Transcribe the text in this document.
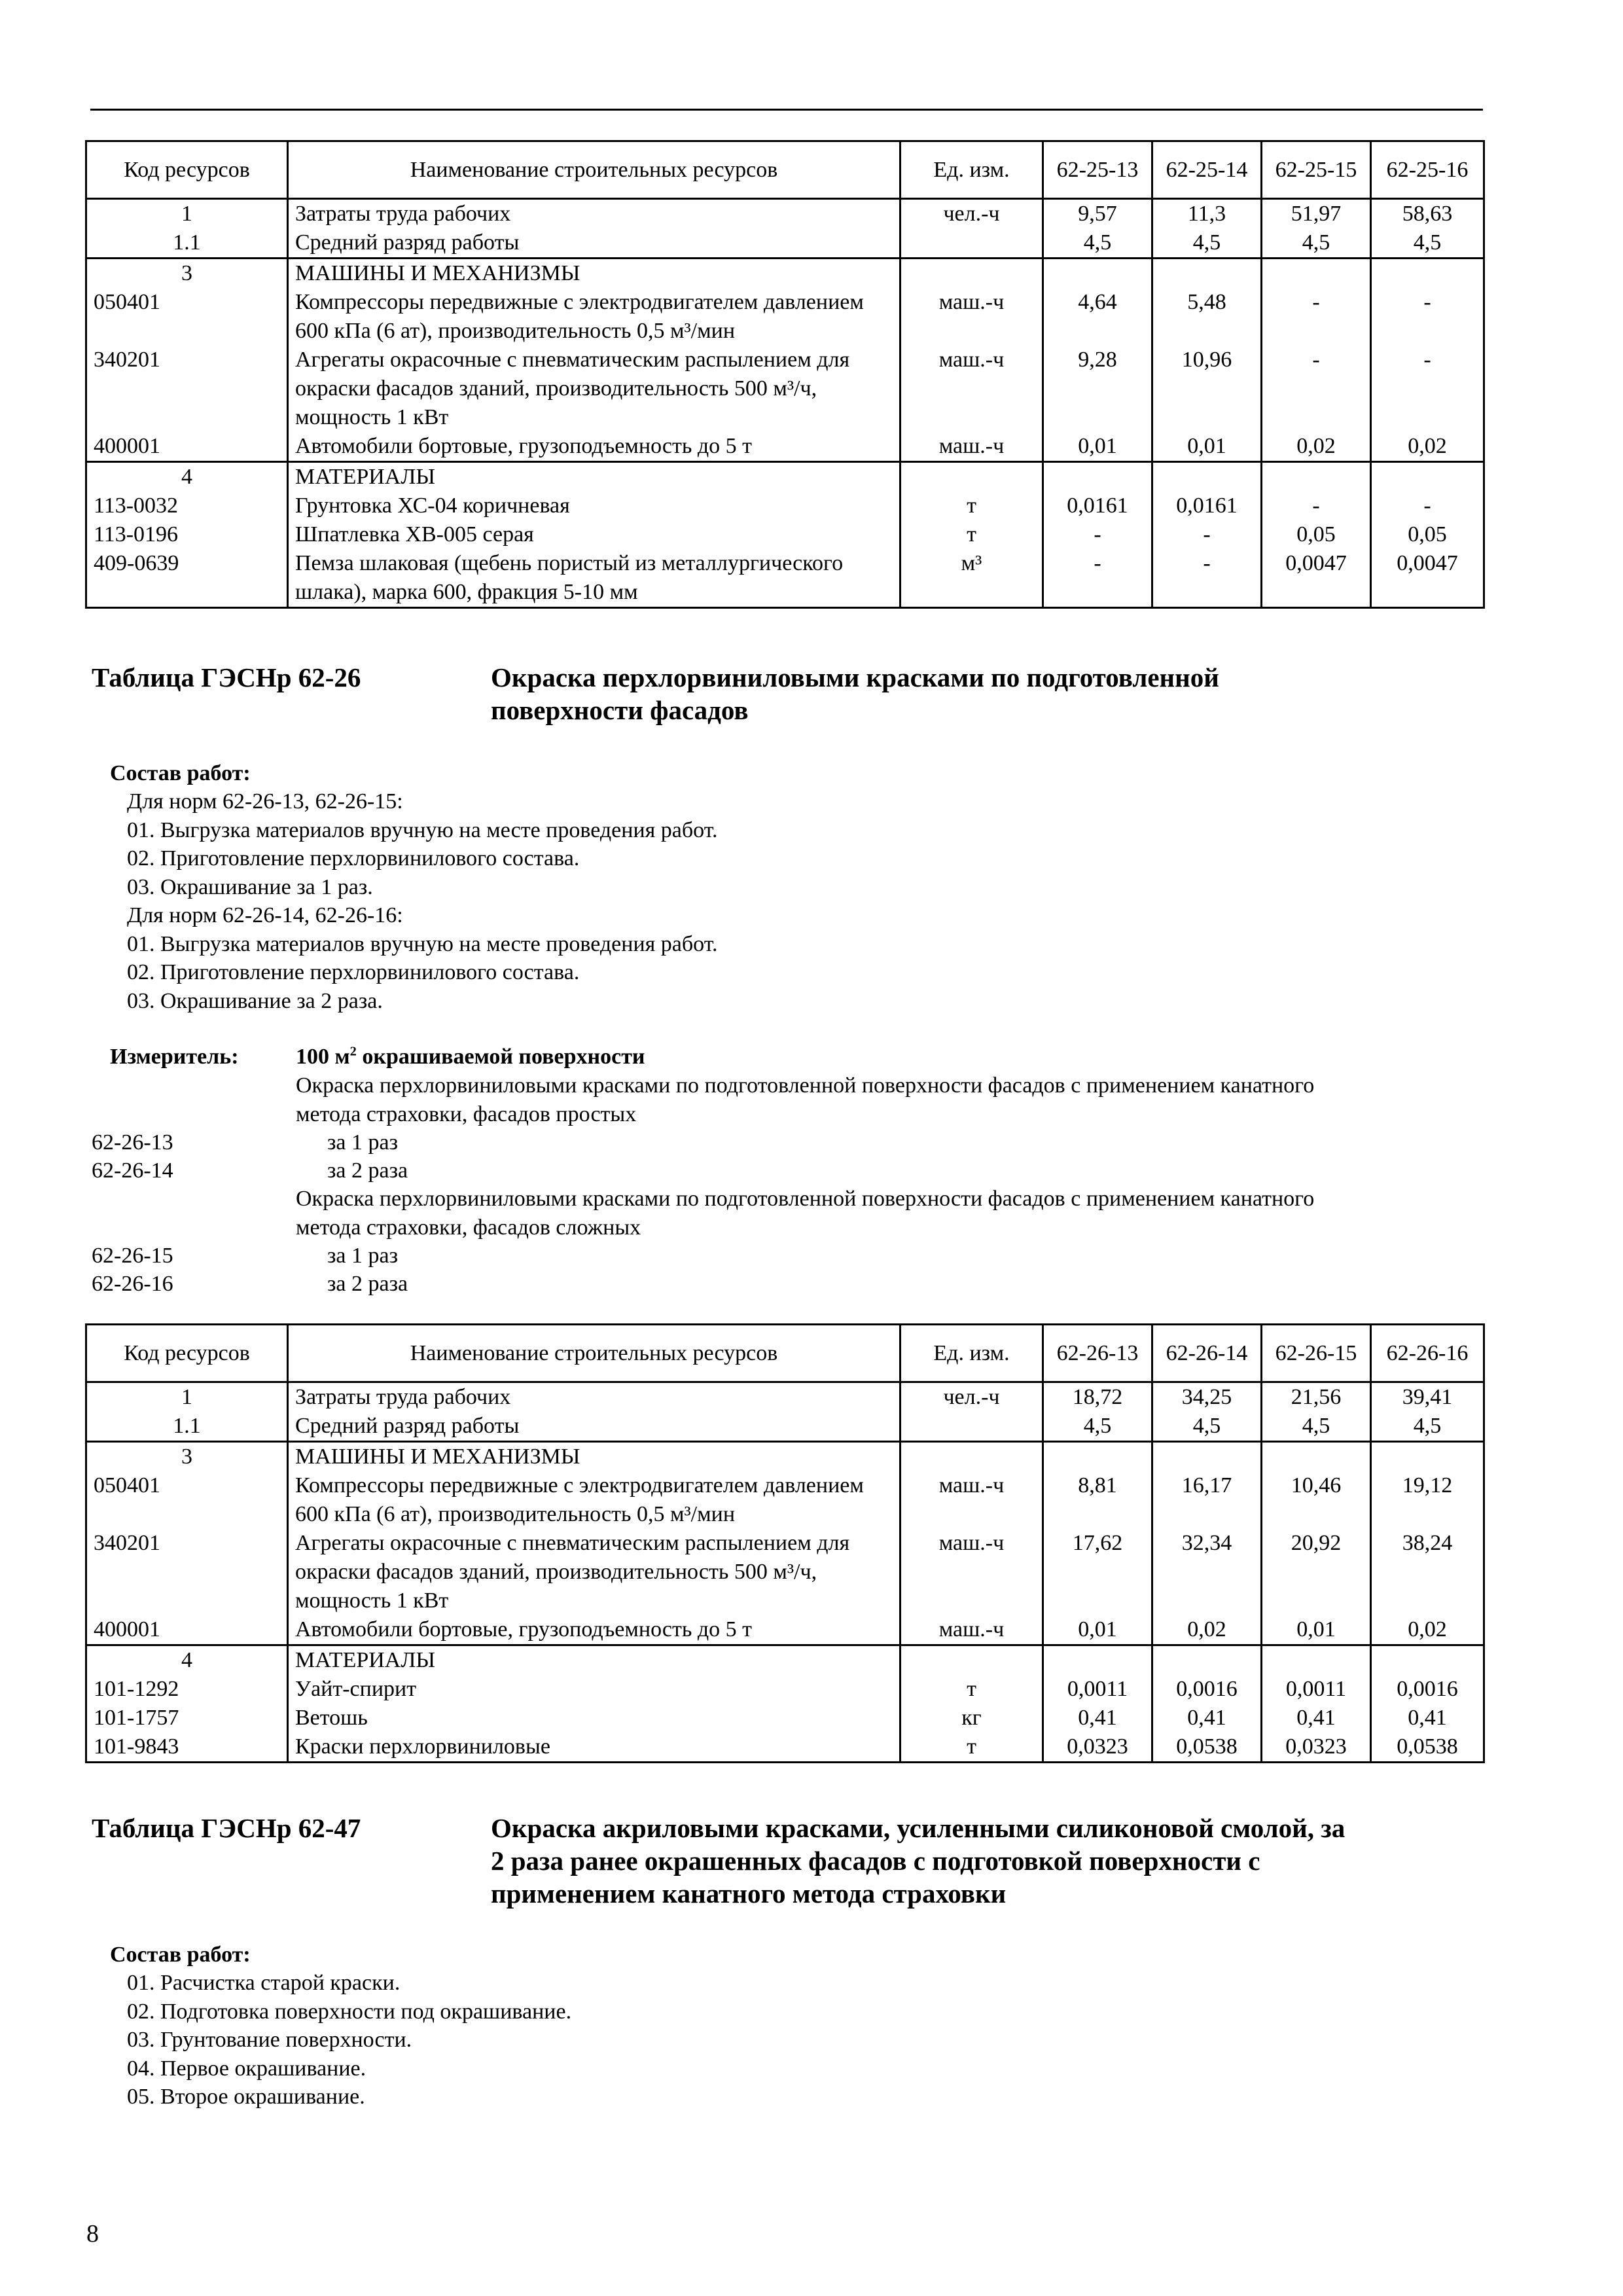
Код ресурсов	Наименование строительных ресурсов	Ед. изм.	62-25-13	62-25-14	62-25-15	62-25-16
1	Затраты труда рабочих	чел.-ч	9,57	11,3	51,97	58,63
1.1	Средний разряд работы		4,5	4,5	4,5	4,5
3	МАШИНЫ И МЕХАНИЗМЫ					
050401	Компрессоры передвижные с электродвигателем давлением 600 кПа (6 ат), производительность 0,5 м³/мин	маш.-ч	4,64	5,48	-	-
340201	Агрегаты окрасочные с пневматическим распылением для окраски фасадов зданий, производительность 500 м³/ч, мощность 1 кВт	маш.-ч	9,28	10,96	-	-
400001	Автомобили бортовые, грузоподъемность до 5 т	маш.-ч	0,01	0,01	0,02	0,02
4	МАТЕРИАЛЫ					
113-0032	Грунтовка ХС-04 коричневая	т	0,0161	0,0161	-	-
113-0196	Шпатлевка ХВ-005 серая	т	-	-	0,05	0,05
409-0639	Пемза шлаковая (щебень пористый из металлургического шлака), марка 600, фракция 5-10 мм	м³	-	-	0,0047	0,0047
Таблица ГЭСНр 62-26	Окраска перхлорвиниловыми красками по подготовленной
поверхности фасадов
Состав работ:
Для норм 62-26-13, 62-26-15:
01. Выгрузка материалов вручную на месте проведения работ.
02. Приготовление перхлорвинилового состава.
03. Окрашивание за 1 раз.
Для норм 62-26-14, 62-26-16:
01. Выгрузка материалов вручную на месте проведения работ.
02. Приготовление перхлорвинилового состава.
03. Окрашивание за 2 раза.
Измеритель:	100 $м^2$ окрашиваемой поверхности
Окраска перхлорвиниловыми красками по подготовленной поверхности фасадов с применением канатного
метода страховки, фасадов простых
62-26-13	за 1 раз
62-26-14	за 2 раза
Окраска перхлорвиниловыми красками по подготовленной поверхности фасадов с применением канатного
метода страховки, фасадов сложных
62-26-15	за 1 раз
62-26-16	за 2 раза
Код ресурсов	Наименование строительных ресурсов	Ед. изм.	62-26-13	62-26-14	62-26-15	62-26-16
1	Затраты труда рабочих	чел.-ч	18,72	34,25	21,56	39,41
1.1	Средний разряд работы		4,5	4,5	4,5	4,5
3	МАШИНЫ И МЕХАНИЗМЫ					
050401	Компрессоры передвижные с электродвигателем давлением 600 кПа (6 ат), производительность 0,5 м³/мин	маш.-ч	8,81	16,17	10,46	19,12
340201	Агрегаты окрасочные с пневматическим распылением для окраски фасадов зданий, производительность 500 м³/ч, мощность 1 кВт	маш.-ч	17,62	32,34	20,92	38,24
400001	Автомобили бортовые, грузоподъемность до 5 т	маш.-ч	0,01	0,02	0,01	0,02
4	МАТЕРИАЛЫ					
101-1292	Уайт-спирит	т	0,0011	0,0016	0,0011	0,0016
101-1757	Ветошь	кг	0,41	0,41	0,41	0,41
101-9843	Краски перхлорвиниловые	т	0,0323	0,0538	0,0323	0,0538
Таблица ГЭСНр 62-47	Окраска акриловыми красками, усиленными силиконовой смолой, за
2 раза ранее окрашенных фасадов с подготовкой поверхности с
применением канатного метода страховки
Состав работ:
01. Расчистка старой краски.
02. Подготовка поверхности под окрашивание.
03. Грунтование поверхности.
04. Первое окрашивание.
05. Второе окрашивание.
8
